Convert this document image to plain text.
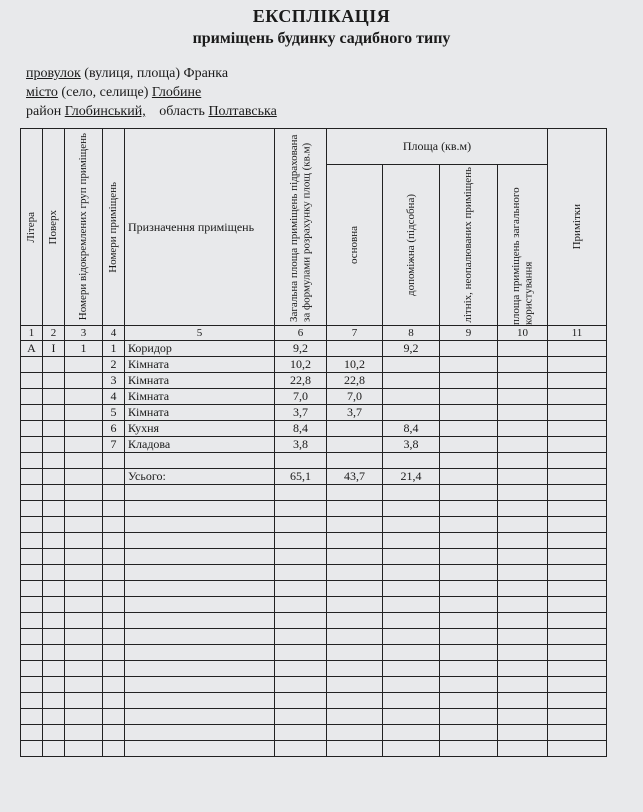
ЕКСПЛІКАЦІЯ
приміщень будинку садибного типу
провулок (вулиця, площа) Франка
місто (село, селище) Глобине
район Глобинський, область Полтавська
Літера	Поверх	Номери відокремлених груп приміщень	Номери приміщень	Призначення приміщень	Загальна площа приміщень підрахована за формулами розрахунку площ (кв.м)	Площа (кв.м)				Примітки

						основна	допоміжна (підсобна)	літніх, неопалюваних приміщень	площа приміщень загального користування	

1	2	3	4	5	6	7	8	9	10	11
А	І	1	1	Коридор	9,2		9,2			
			2	Кімната	10,2	10,2				
			3	Кімната	22,8	22,8				
			4	Кімната	7,0	7,0				
			5	Кімната	3,7	3,7				
			6	Кухня	8,4		8,4			
			7	Кладова	3,8		3,8			

				Усього:	65,1	43,7	21,4			
